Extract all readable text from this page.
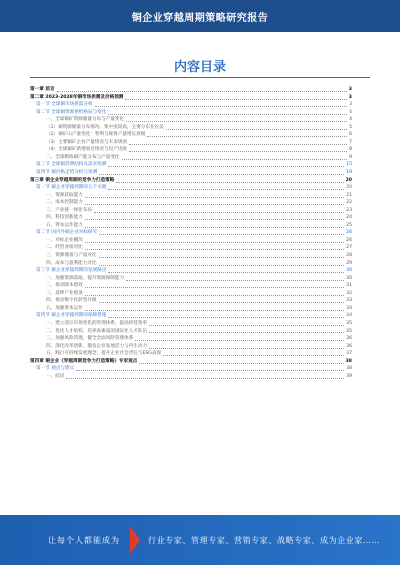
铜企业穿越周期策略研究报告
内容目录
第一章 前言	3
第二章 2023-2028年铜市场供需及价格预测	3
第一节 全球铜市场供需分析	3
第二节 全球铜资源供给格局与变化	4
一、全球铜矿资源储量分布与产量变化	4
（1）铜资源储量分布情况：集中度较高，主要分布在拉美	5
（2）铜矿山产量变化：智利与秘鲁产量增长放缓	6
（3）主要铜矿企业产量情况与未来规划	7
（4）全球铜矿新增项目情况与投产进度	8
二、全球精炼铜产能分布与产量变化	9
第三节 全球铜消费结构及需求预测	15
第四节 铜价格走势分析与预测	19
第三章 铜企业穿越周期的竞争力打造策略	20
第一节 铜企业穿越周期的五个关键	20
一、资源获取能力	21
二、成本控制能力	22
三、产业链一体化布局	23
四、科技创新能力	24
五、资本运作能力	25
第二节 国内外铜企业对标研究	26
一、对标企业概况	26
二、经营业绩对比	27
三、资源储备与产量对比	28
四、成本与盈利能力对比	29
第三节 铜企业穿越周期的发展路径	30
一、加强资源获取，提升资源保障能力	30
二、推动降本增效	31
三、延伸产业链条	32
四、推动数字化转型升级	33
五、加强资本运作	34
第四节 铜企业穿越周期的保障措施	34
一、建立适应市场变化的管理体系，提高经营效率	35
二、优化人才结构，培养高素质的国际化人才队伍	35
三、加强风险管理，健全全面风险管理体系	36
四、深化改革创新，激发企业发展活力与内生动力	36
五、践行可持续发展理念，提升企业社会责任与ESG表现	37
第四章 铜企业《穿越周期竞争力打造策略》专家观点	38
第一节 观点与建议	38
一、结语	39
让每个人都能成为	行业专家、管理专家、营销专家、战略专家、成为企业家……
